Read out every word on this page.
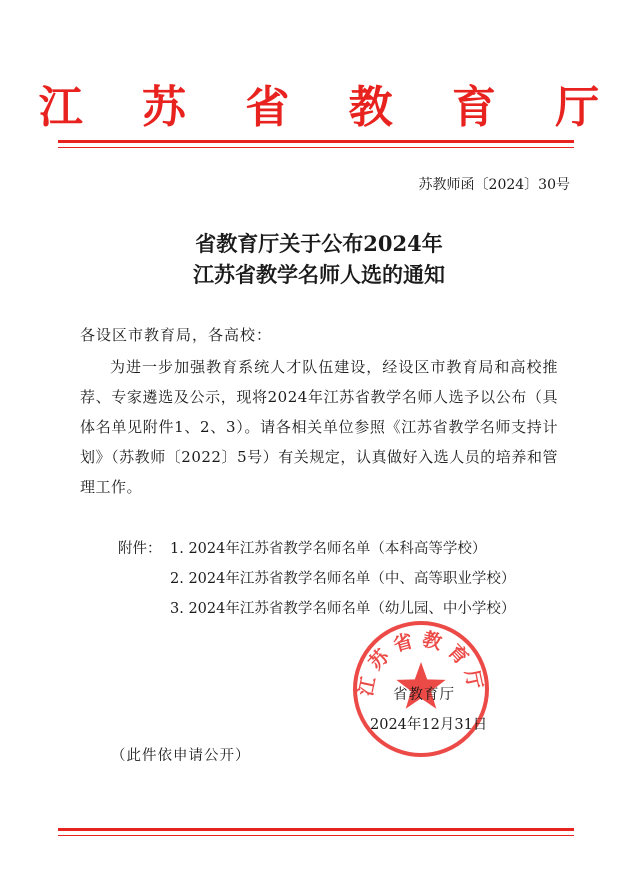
江 苏 省 教 育 厅
苏教师函〔2024〕30号
省教育厅关于公布2024年
江苏省教学名师人选的通知
各设区市教育局，各高校：

为进一步加强教育系统人才队伍建设，经设区市教育局和高校推荐、专家遴选及公示，现将2024年江苏省教学名师人选予以公布（具体名单见附件1、2、3）。请各相关单位参照《江苏省教学名师支持计划》（苏教师〔2022〕5号）有关规定，认真做好入选人员的培养和管理工作。

附件： 1. 2024年江苏省教学名师名单（本科高等学校）
2. 2024年江苏省教学名师名单（中、高等职业学校）
3. 2024年江苏省教学名师名单（幼儿园、中小学校）
江苏省教育厅
省教育厅
2024年12月31日
（此件依申请公开）
